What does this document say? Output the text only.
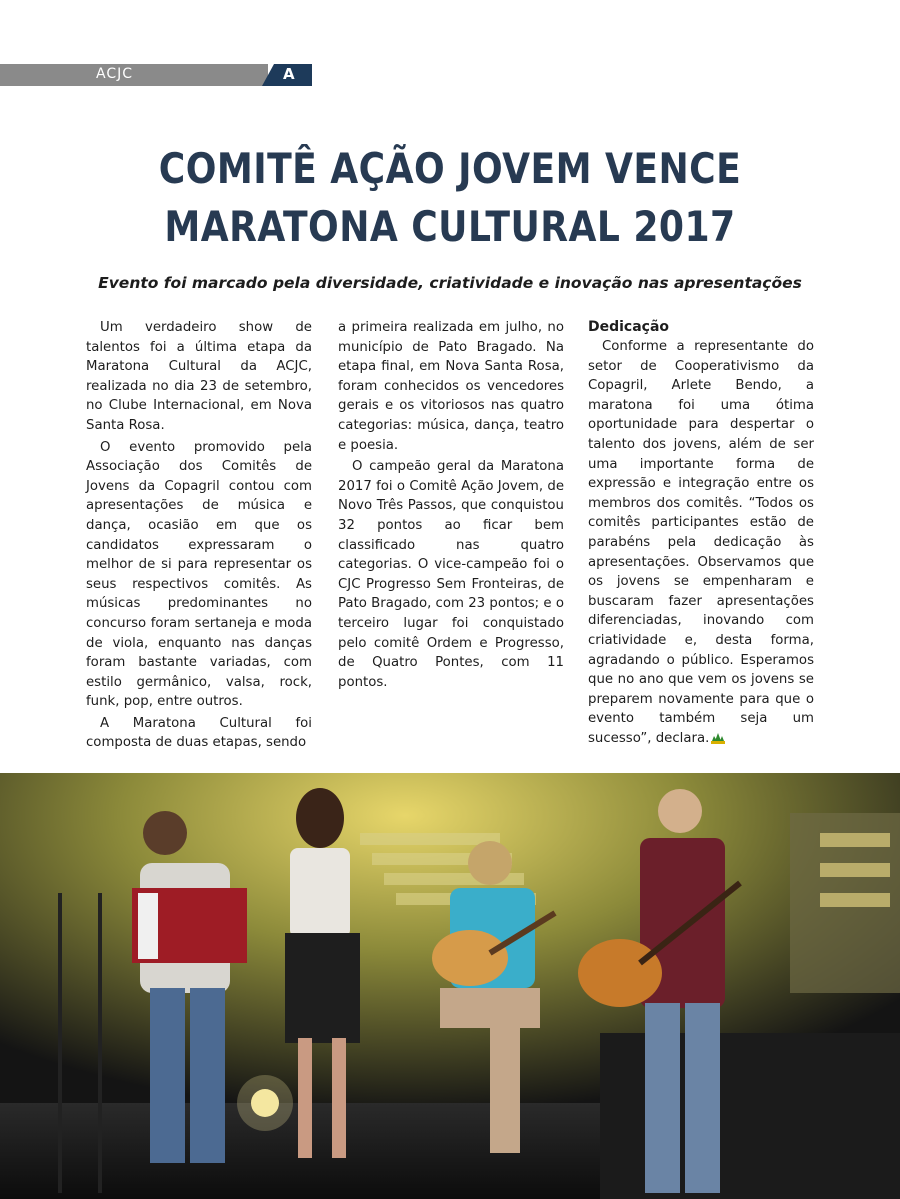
ACJC	A
COMITÊ AÇÃO JOVEM VENCE
MARATONA CULTURAL 2017
Evento foi marcado pela diversidade, criatividade e inovação nas apresentações

Um verdadeiro show de talentos foi a última etapa da Maratona Cultural da ACJC, realizada no dia 23 de setembro, no Clube Internacional, em Nova Santa Rosa.

O evento promovido pela Associação dos Comitês de Jovens da Copagril contou com apresentações de música e dança, ocasião em que os candidatos expressaram o melhor de si para representar os seus respectivos comitês. As músicas predominantes no concurso foram sertaneja e moda de viola, enquanto nas danças foram bastante variadas, com estilo germânico, valsa, rock, funk, pop, entre outros.

A Maratona Cultural foi composta de duas etapas, sendo

a primeira realizada em julho, no município de Pato Bragado. Na etapa final, em Nova Santa Rosa, foram conhecidos os vencedores gerais e os vitoriosos nas quatro categorias: música, dança, teatro e poesia.

O campeão geral da Maratona 2017 foi o Comitê Ação Jovem, de Novo Três Passos, que conquistou 32 pontos ao ficar bem classificado nas quatro categorias. O vice-campeão foi o CJC Progresso Sem Fronteiras, de Pato Bragado, com 23 pontos; e o terceiro lugar foi conquistado pelo comitê Ordem e Progresso, de Quatro Pontes, com 11 pontos.

Dedicação

Conforme a representante do setor de Cooperativismo da Copagril, Arlete Bendo, a maratona foi uma ótima oportunidade para despertar o talento dos jovens, além de ser uma importante forma de expressão e integração entre os membros dos comitês. “Todos os comitês participantes estão de parabéns pela dedicação às apresentações. Observamos que os jovens se empenharam e buscaram fazer apresentações diferenciadas, inovando com criatividade e, desta forma, agradando o público. Esperamos que no ano que vem os jovens se preparem novamente para que o evento também seja um sucesso”, declara.
